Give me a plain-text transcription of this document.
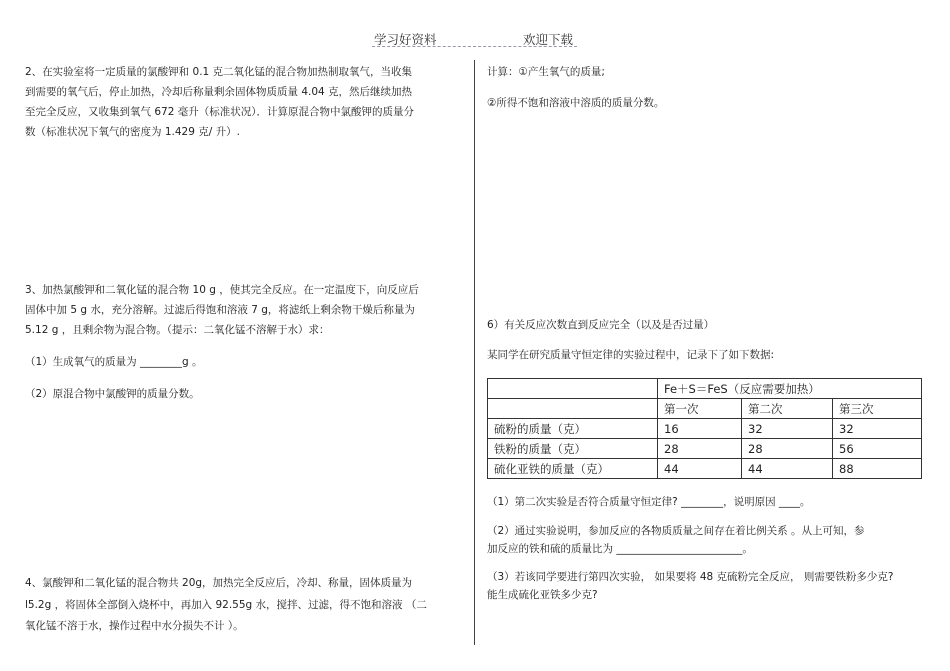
学习好资料	欢迎下载
2、在实验室将一定质量的氯酸钾和 0.1 克二氧化锰的混合物加热制取氧气，当收集
到需要的氧气后，停止加热，冷却后称量剩余固体物质质量 4.04 克，然后继续加热
至完全反应，又收集到氧气 672 毫升（标准状况）．计算原混合物中氯酸钾的质量分
数（标准状况下氧气的密度为 1.429 克/ 升）.
3、加热氯酸钾和二氧化锰的混合物 10 g ，使其完全反应。在一定温度下，向反应后
固体中加 5 g 水，充分溶解。过滤后得饱和溶液 7 g，将滤纸上剩余物干燥后称量为
5.12 g ，且剩余物为混合物。（提示：二氧化锰不溶解于水）求：
（1）生成氧气的质量为 ________g 。
（2）原混合物中氯酸钾的质量分数。
4、氯酸钾和二氧化锰的混合物共 20g，加热完全反应后，冷却、称量，固体质量为
l5.2g ，将固体全部倒入烧杯中，再加入 92.55g 水，搅拌、过滤，得不饱和溶液 （二
氧化锰不溶于水，操作过程中水分损失不计 ）。
计算：①产生氧气的质量;
②所得不饱和溶液中溶质的质量分数。
6）有关反应次数直到反应完全（以及是否过量）
某同学在研究质量守恒定律的实验过程中，记录下了如下数据:
	Fe＋S＝FeS（反应需要加热）		
	第一次	第二次	第三次
硫粉的质量（克）	16	32	32
铁粉的质量（克）	28	28	56
硫化亚铁的质量（克）	44	44	88
（1）第二次实验是否符合质量守恒定律? ________，说明原因 ____。
（2）通过实验说明，参加反应的各物质质量之间存在着比例关系 。从上可知，参
加反应的铁和硫的质量比为 ________________________。
（3）若该同学要进行第四次实验， 如果要将 48 克硫粉完全反应， 则需要铁粉多少克?
能生成硫化亚铁多少克?
